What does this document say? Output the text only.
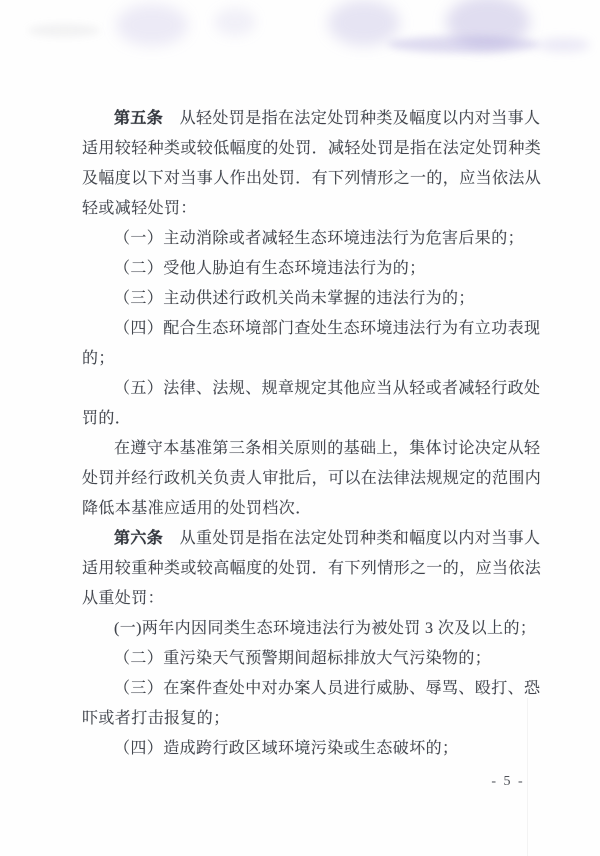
第五条　从轻处罚是指在法定处罚种类及幅度以内对当事人
适用较轻种类或较低幅度的处罚．减轻处罚是指在法定处罚种类
及幅度以下对当事人作出处罚．有下列情形之一的，应当依法从
轻或减轻处罚：
（一）主动消除或者减轻生态环境违法行为危害后果的；
（二）受他人胁迫有生态环境违法行为的；
（三）主动供述行政机关尚未掌握的违法行为的；
（四）配合生态环境部门查处生态环境违法行为有立功表现
的；
（五）法律、法规、规章规定其他应当从轻或者减轻行政处
罚的．
在遵守本基准第三条相关原则的基础上，集体讨论决定从轻
处罚并经行政机关负责人审批后，可以在法律法规规定的范围内
降低本基准应适用的处罚档次．
第六条　从重处罚是指在法定处罚种类和幅度以内对当事人
适用较重种类或较高幅度的处罚．有下列情形之一的，应当依法
从重处罚：
(一)两年内因同类生态环境违法行为被处罚 3 次及以上的；
（二）重污染天气预警期间超标排放大气污染物的；
（三）在案件查处中对办案人员进行威胁、辱骂、殴打、恐
吓或者打击报复的；
（四）造成跨行政区域环境污染或生态破坏的；
- 5 -
